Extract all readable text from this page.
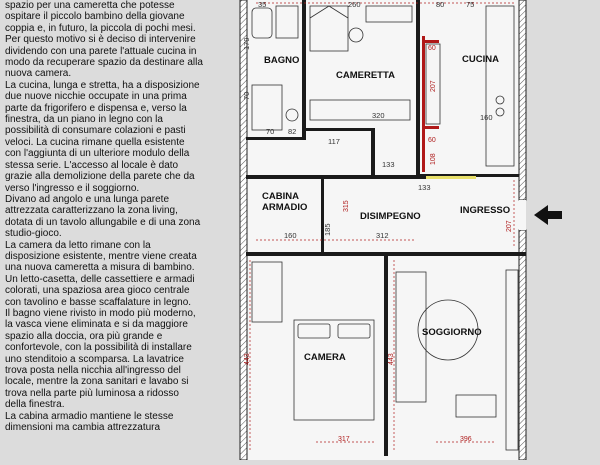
spazio per una cameretta che potesse

ospitare il piccolo bambino della giovane

coppia e, in futuro, la piccola di pochi mesi.

Per questo motivo si è deciso di intervenire

dividendo con una parete l'attuale cucina in

modo da recuperare spazio da destinare alla

nuova camera.

La cucina, lunga e stretta, ha a disposizione

due nuove nicchie occupate in una prima

parte da frigorifero e dispensa e, verso la

finestra, da un piano in legno con la

possibilità di consumare colazioni e pasti

veloci. La cucina rimane quella esistente

con l'aggiunta di un ulteriore modulo della

stessa serie. L'accesso al locale è dato

grazie alla demolizione della parete che da

verso l'ingresso e il soggiorno.

Divano ad angolo e una lunga parete

attrezzata caratterizzano la zona living,

dotata di un tavolo allungabile e di una zona

studio-gioco.

La camera da letto rimane con la

disposizione esistente, mentre viene creata

una nuova cameretta a misura di bambino.

Un letto-casetta, delle cassettiere e armadi

colorati, una spaziosa area gioco centrale

con tavolino e basse scaffalature in legno.

Il bagno viene rivisto in modo più moderno,

la vasca viene eliminata e si da maggiore

spazio alla doccia, ora più grande e

confortevole, con la possibilità di installare

uno stenditoio a scomparsa. La lavatrice

trova posta nella nicchia all'ingresso del

locale, mentre la zona sanitari e lavabo si

trova nella parte più luminosa a ridosso

della finestra.

La cabina armadio mantiene le stesse

dimensioni ma cambia attrezzatura

35	260	80	75
179
70
70 82
320
60
207
160
60
108
117
133
133
315
160	185	312
207
443	443
317	396
BAGNO
CAMERETTA
CUCINA
CABINA
ARMADIO
DISIMPEGNO
INGRESSO
CAMERA
SOGGIORNO
